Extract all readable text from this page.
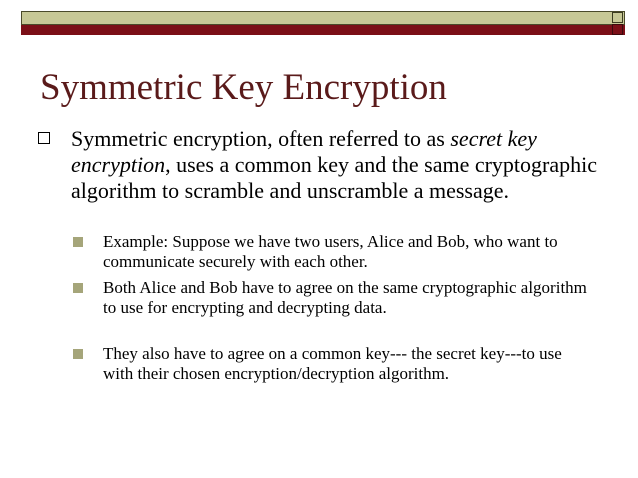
Symmetric Key Encryption
Symmetric encryption, often referred to as secret key encryption, uses a common key and the same cryptographic algorithm to scramble and unscramble a message.
Example: Suppose we have two users, Alice and Bob, who want to communicate securely with each other.
Both Alice and Bob have to agree on the same cryptographic algorithm to use for encrypting and decrypting data.
They also have to agree on a common key--- the secret key---to use with their chosen encryption/decryption algorithm.
